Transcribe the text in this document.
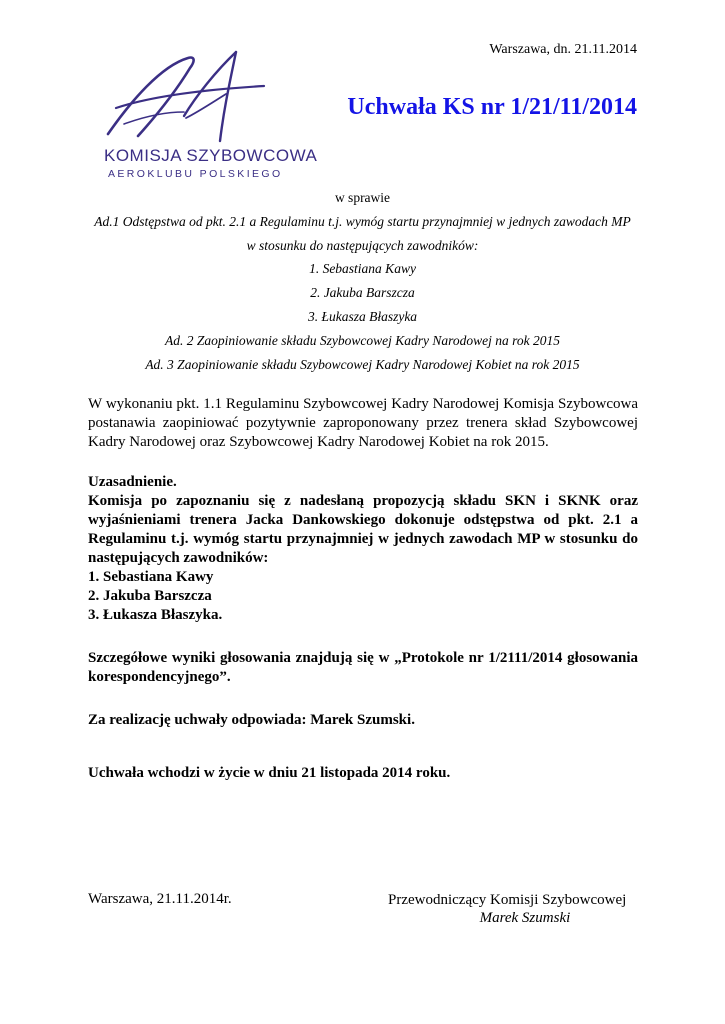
Warszawa, dn. 21.11.2014
KOMISJA SZYBOWCOWA
AEROKLUBU POLSKIEGO
Uchwała KS nr 1/21/11/2014
w sprawie
Ad.1 Odstępstwa od pkt. 2.1 a Regulaminu t.j. wymóg startu przynajmniej w jednych zawodach MP
w stosunku do następujących zawodników:
1. Sebastiana Kawy
2. Jakuba Barszcza
3. Łukasza Błaszyka
Ad. 2 Zaopiniowanie składu Szybowcowej Kadry Narodowej na rok 2015
Ad. 3 Zaopiniowanie składu Szybowcowej Kadry Narodowej Kobiet na rok 2015
W wykonaniu pkt. 1.1 Regulaminu Szybowcowej Kadry Narodowej Komisja Szybowcowa postanawia zaopiniować pozytywnie zaproponowany przez trenera skład Szybowcowej Kadry Narodowej oraz Szybowcowej Kadry Narodowej Kobiet na rok 2015.
Uzasadnienie.
Komisja po zapoznaniu się z nadesłaną propozycją składu SKN i SKNK oraz wyjaśnieniami trenera Jacka Dankowskiego dokonuje odstępstwa od pkt. 2.1 a Regulaminu t.j. wymóg startu przynajmniej w jednych zawodach MP w stosunku do następujących zawodników:
1. Sebastiana Kawy
2. Jakuba Barszcza
3. Łukasza Błaszyka.
Szczegółowe wyniki głosowania znajdują się w „Protokole nr 1/2111/2014 głosowania korespondencyjnego”.
Za realizację uchwały odpowiada: Marek Szumski.
Uchwała wchodzi w życie w dniu 21 listopada 2014 roku.
Warszawa, 21.11.2014r.	Przewodniczący Komisji Szybowcowej
Marek Szumski
